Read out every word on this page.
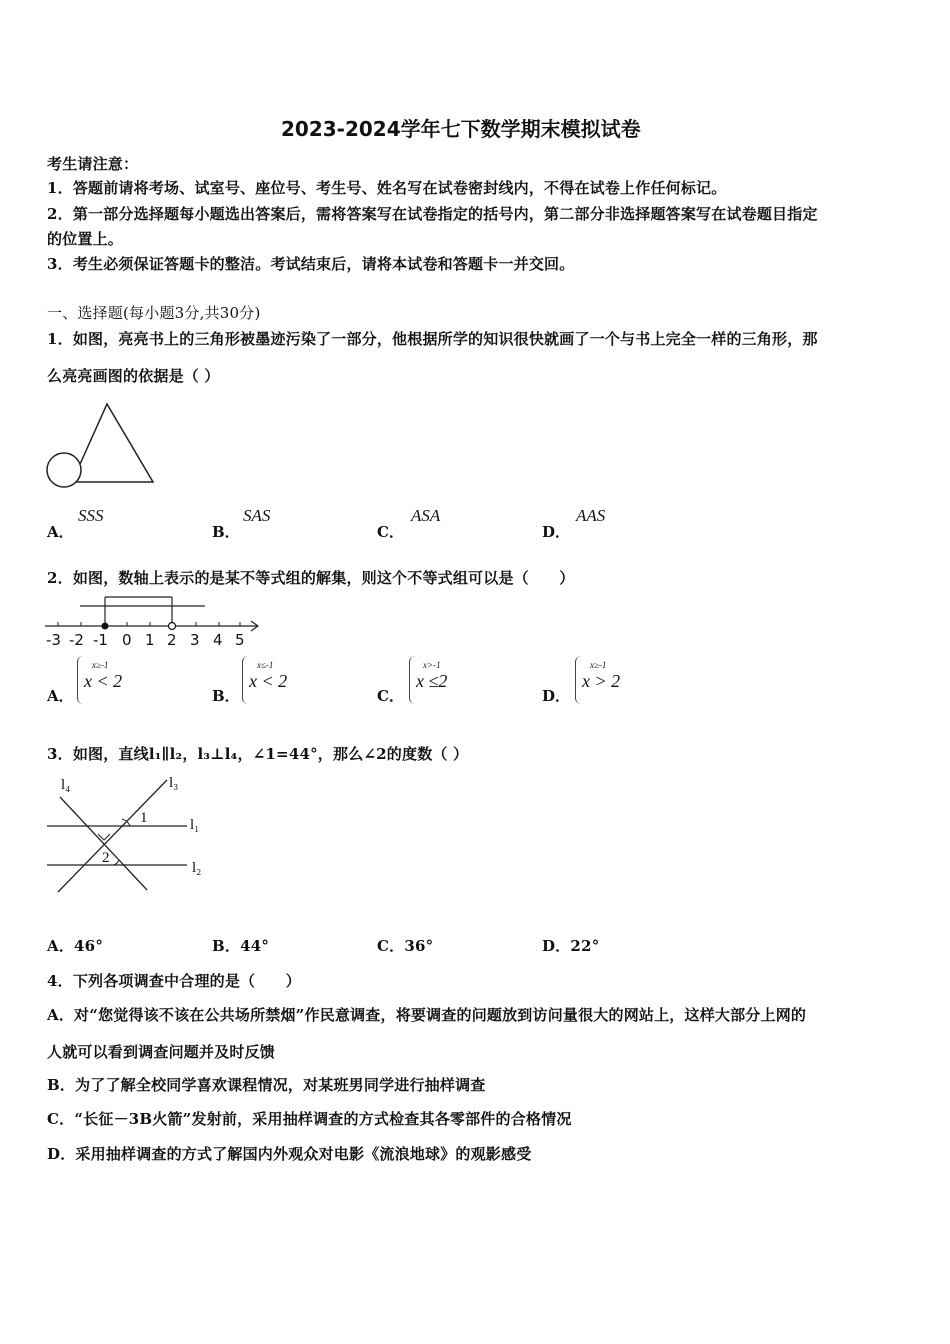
2023-2024学年七下数学期末模拟试卷
考生请注意：
1．答题前请将考场、试室号、座位号、考生号、姓名写在试卷密封线内，不得在试卷上作任何标记。
2．第一部分选择题每小题选出答案后，需将答案写在试卷指定的括号内，第二部分非选择题答案写在试卷题目指定
的位置上。
3．考生必须保证答题卡的整洁。考试结束后，请将本试卷和答题卡一并交回。
一、选择题(每小题3分,共30分)
1．如图，亮亮书上的三角形被墨迹污染了一部分，他根据所学的知识很快就画了一个与书上完全一样的三角形，那
么亮亮画图的依据是（ ）
A．
SSS
B．
SAS
C．
ASA
D．
AAS
2．如图，数轴上表示的是某不等式组的解集，则这个不等式组可以是（　　）
-3 -2 -1 0 1 2 3 4 5
A．
x≥-1
x < 2
B．
x≤-1
x < 2
C．
x>-1
x ≤2
D．
x≥-1
x > 2
3．如图，直线l₁∥l₂，l₃⊥l₄，∠1=44°，那么∠2的度数（ ）
l₄	l₃
l₁
l₂
1
2
A．46°	B．44°	C．36°	D．22°
4．下列各项调查中合理的是（　　）
A．对“您觉得该不该在公共场所禁烟”作民意调查，将要调查的问题放到访问量很大的网站上，这样大部分上网的
人就可以看到调查问题并及时反馈
B．为了了解全校同学喜欢课程情况，对某班男同学进行抽样调查
C．“长征－3B火箭”发射前，采用抽样调查的方式检查其各零部件的合格情况
D．采用抽样调查的方式了解国内外观众对电影《流浪地球》的观影感受
